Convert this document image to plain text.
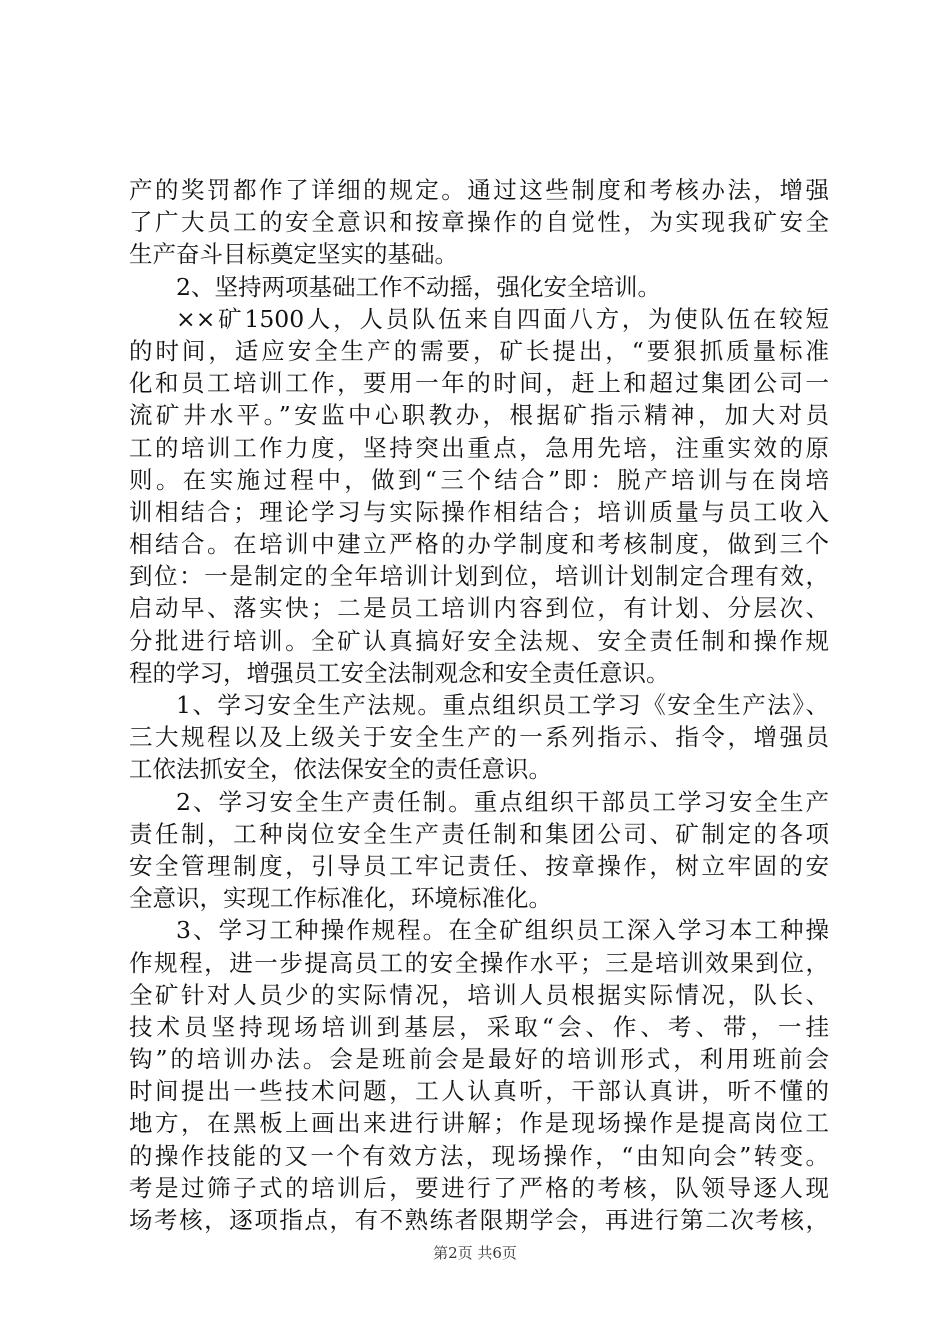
产的奖罚都作了详细的规定。通过这些制度和考核办法，增强
了广大员工的安全意识和按章操作的自觉性，为实现我矿安全
生产奋斗目标奠定坚实的基础。
2、坚持两项基础工作不动摇，强化安全培训。
××矿1500人，人员队伍来自四面八方，为使队伍在较短
的时间，适应安全生产的需要，矿长提出，“要狠抓质量标准
化和员工培训工作，要用一年的时间，赶上和超过集团公司一
流矿井水平。”安监中心职教办，根据矿指示精神，加大对员
工的培训工作力度，坚持突出重点，急用先培，注重实效的原
则。在实施过程中，做到“三个结合”即：脱产培训与在岗培
训相结合；理论学习与实际操作相结合；培训质量与员工收入
相结合。在培训中建立严格的办学制度和考核制度，做到三个
到位：一是制定的全年培训计划到位，培训计划制定合理有效，
启动早、落实快；二是员工培训内容到位，有计划、分层次、
分批进行培训。全矿认真搞好安全法规、安全责任制和操作规
程的学习，增强员工安全法制观念和安全责任意识。
1、学习安全生产法规。重点组织员工学习《安全生产法》、
三大规程以及上级关于安全生产的一系列指示、指令，增强员
工依法抓安全，依法保安全的责任意识。
2、学习安全生产责任制。重点组织干部员工学习安全生产
责任制，工种岗位安全生产责任制和集团公司、矿制定的各项
安全管理制度，引导员工牢记责任、按章操作，树立牢固的安
全意识，实现工作标准化，环境标准化。
3、学习工种操作规程。在全矿组织员工深入学习本工种操
作规程，进一步提高员工的安全操作水平；三是培训效果到位，
全矿针对人员少的实际情况，培训人员根据实际情况，队长、
技术员坚持现场培训到基层，采取“会、作、考、带，一挂
钩”的培训办法。会是班前会是最好的培训形式，利用班前会
时间提出一些技术问题，工人认真听，干部认真讲，听不懂的
地方，在黑板上画出来进行讲解；作是现场操作是提高岗位工
的操作技能的又一个有效方法，现场操作，“由知向会”转变。
考是过筛子式的培训后，要进行了严格的考核，队领导逐人现
场考核，逐项指点，有不熟练者限期学会，再进行第二次考核，
第2页 共6页
